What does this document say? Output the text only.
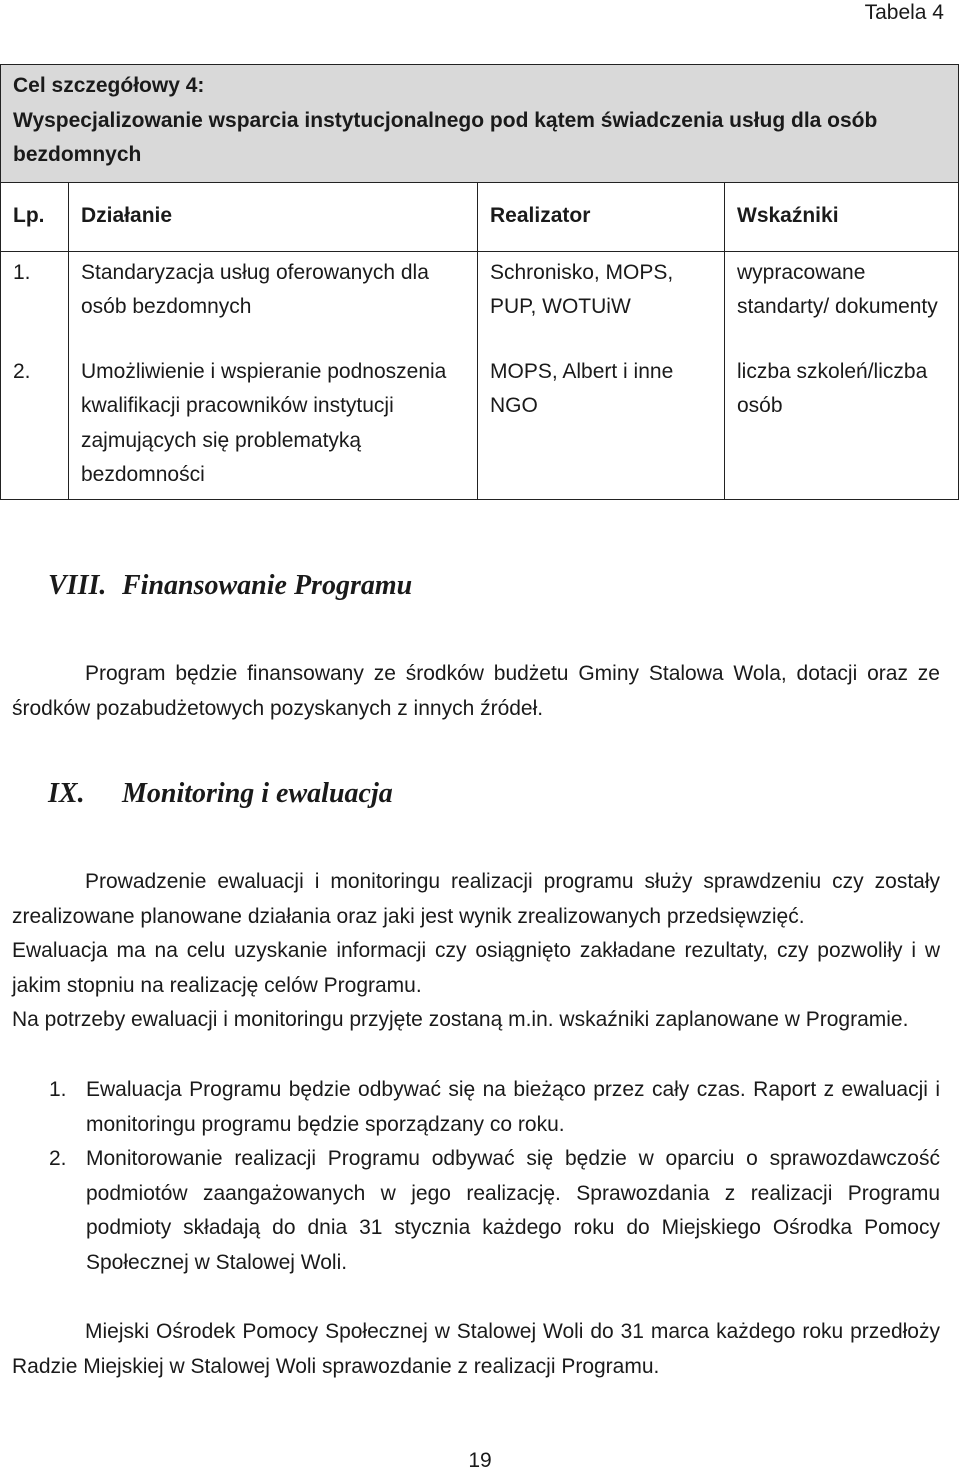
Tabela 4
Cel szczegółowy 4:
Wyspecjalizowanie wsparcia instytucjonalnego pod kątem świadczenia usług dla osób
bezdomnych			

Lp.	Działanie	Realizator	Wskaźniki
1.	Standaryzacja usług oferowanych dla osób bezdomnych	Schronisko, MOPS, PUP, WOTUiW	wypracowane standarty/ dokumenty
2.	Umożliwienie i wspieranie podnoszenia kwalifikacji pracowników instytucji zajmujących się problematyką bezdomności	MOPS, Albert i inne NGO	liczba szkoleń/liczba osób
VIII. Finansowanie Programu

Program będzie finansowany ze środków budżetu Gminy Stalowa Wola, dotacji oraz ze środków pozabudżetowych pozyskanych z innych źródeł.

IX. Monitoring i ewaluacja

Prowadzenie ewaluacji i monitoringu realizacji programu służy sprawdzeniu czy zostały zrealizowane planowane działania oraz jaki jest wynik zrealizowanych przedsięwzięć.

Ewaluacja ma na celu uzyskanie informacji czy osiągnięto zakładane rezultaty, czy pozwoliły i w jakim stopniu na realizację celów Programu.

Na potrzeby ewaluacji i monitoringu przyjęte zostaną m.in. wskaźniki zaplanowane w Programie.

1. Ewaluacja Programu będzie odbywać się na bieżąco przez cały czas. Raport z ewaluacji i monitoringu programu będzie sporządzany co roku.
2. Monitorowanie realizacji Programu odbywać się będzie w oparciu o sprawozdawczość podmiotów zaangażowanych w jego realizację. Sprawozdania z realizacji Programu podmioty składają do dnia 31 stycznia każdego roku do Miejskiego Ośrodka Pomocy Społecznej w Stalowej Woli.

Miejski Ośrodek Pomocy Społecznej w Stalowej Woli do 31 marca każdego roku przedłoży Radzie Miejskiej w Stalowej Woli sprawozdanie z realizacji Programu.

19
